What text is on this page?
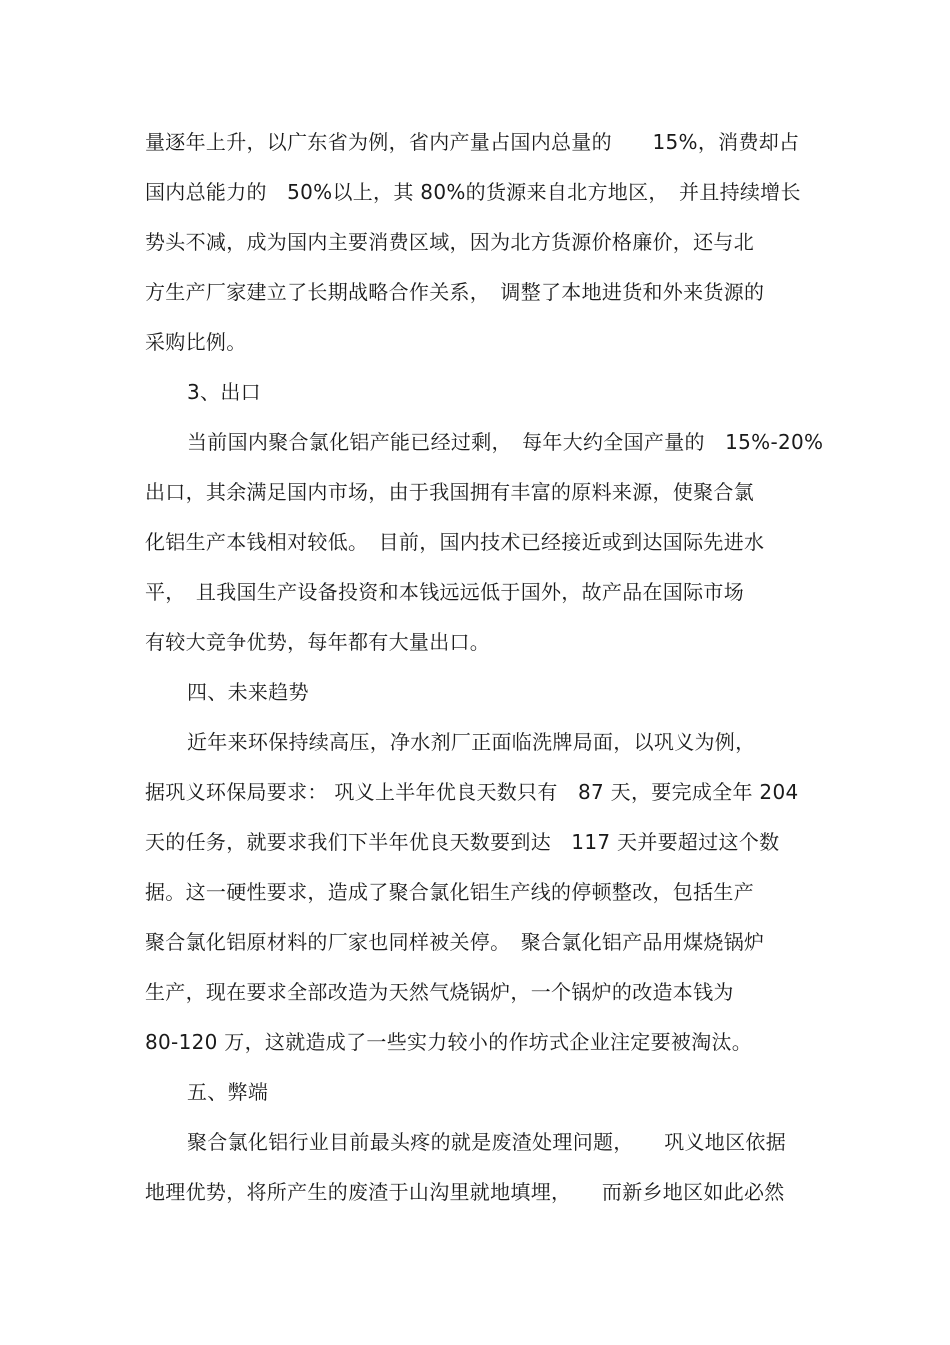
量逐年上升，以广东省为例，省内产量占国内总量的　　15%，消费却占
国内总能力的　50%以上，其 80%的货源来自北方地区，　并且持续增长
势头不减，成为国内主要消费区域，因为北方货源价格廉价，还与北
方生产厂家建立了长期战略合作关系，　调整了本地进货和外来货源的
采购比例。
3、出口
当前国内聚合氯化铝产能已经过剩，　每年大约全国产量的　15%-20%
出口，其余满足国内市场，由于我国拥有丰富的原料来源，使聚合氯
化铝生产本钱相对较低。　目前，国内技术已经接近或到达国际先进水
平，　且我国生产设备投资和本钱远远低于国外，故产品在国际市场
有较大竞争优势，每年都有大量出口。
四、未来趋势
近年来环保持续高压，净水剂厂正面临洗牌局面，以巩义为例，
据巩义环保局要求： 巩义上半年优良天数只有　87 天，要完成全年 204
天的任务，就要求我们下半年优良天数要到达　117 天并要超过这个数
据。这一硬性要求，造成了聚合氯化铝生产线的停顿整改，包括生产
聚合氯化铝原材料的厂家也同样被关停。　聚合氯化铝产品用煤烧锅炉
生产，现在要求全部改造为天然气烧锅炉，一个锅炉的改造本钱为
80-120 万，这就造成了一些实力较小的作坊式企业注定要被淘汰。
五、弊端
聚合氯化铝行业目前最头疼的就是废渣处理问题，　　巩义地区依据
地理优势，将所产生的废渣于山沟里就地填埋，　　而新乡地区如此必然
